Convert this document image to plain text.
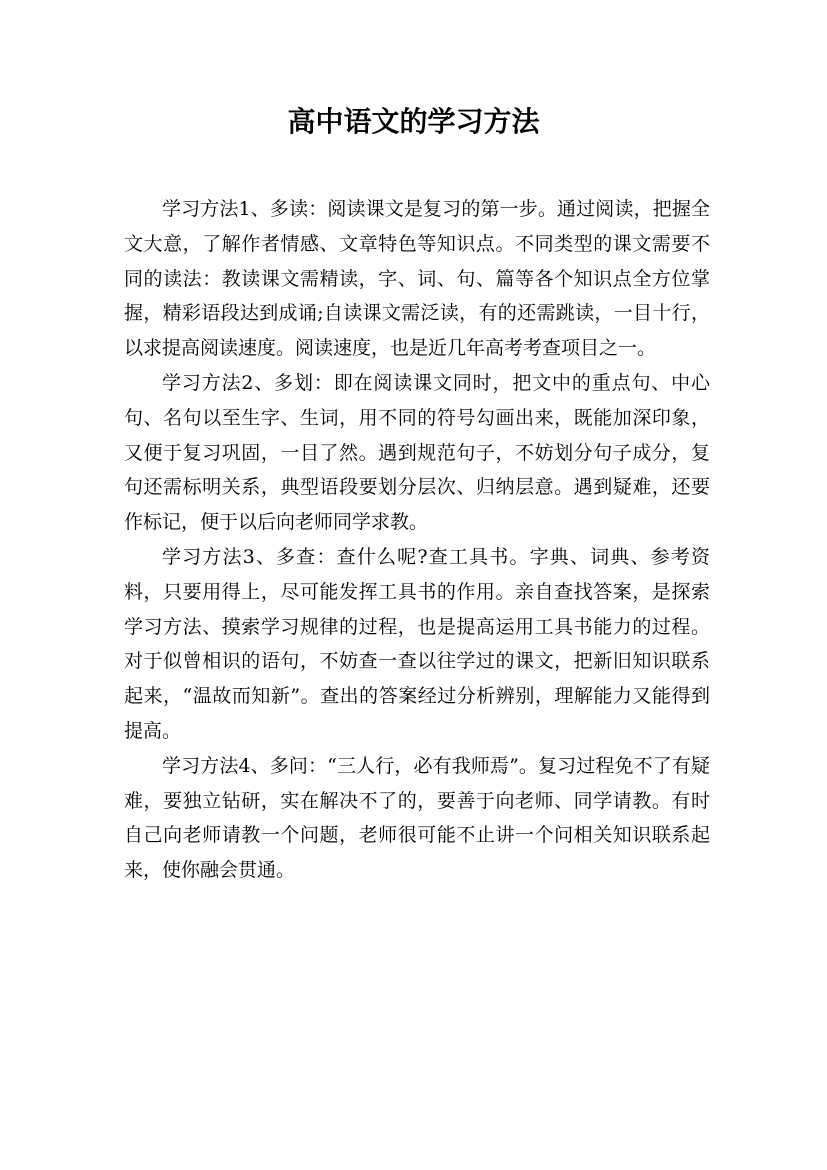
高中语文的学习方法

学习方法1、多读：阅读课文是复习的第一步。通过阅读，把握全文大意，了解作者情感、文章特色等知识点。不同类型的课文需要不同的读法：教读课文需精读，字、词、句、篇等各个知识点全方位掌握，精彩语段达到成诵;自读课文需泛读，有的还需跳读，一目十行，以求提高阅读速度。阅读速度，也是近几年高考考查项目之一。

学习方法2、多划：即在阅读课文同时，把文中的重点句、中心句、名句以至生字、生词，用不同的符号勾画出来，既能加深印象，又便于复习巩固，一目了然。遇到规范句子，不妨划分句子成分，复句还需标明关系，典型语段要划分层次、归纳层意。遇到疑难，还要作标记，便于以后向老师同学求教。

学习方法3、多查：查什么呢?查工具书。字典、词典、参考资料，只要用得上，尽可能发挥工具书的作用。亲自查找答案，是探索学习方法、摸索学习规律的过程，也是提高运用工具书能力的过程。对于似曾相识的语句，不妨查一查以往学过的课文，把新旧知识联系起来，“温故而知新”。查出的答案经过分析辨别，理解能力又能得到提高。

学习方法4、多问：“三人行，必有我师焉”。复习过程免不了有疑难，要独立钻研，实在解决不了的，要善于向老师、同学请教。有时自己向老师请教一个问题，老师很可能不止讲一个问相关知识联系起来，使你融会贯通。
